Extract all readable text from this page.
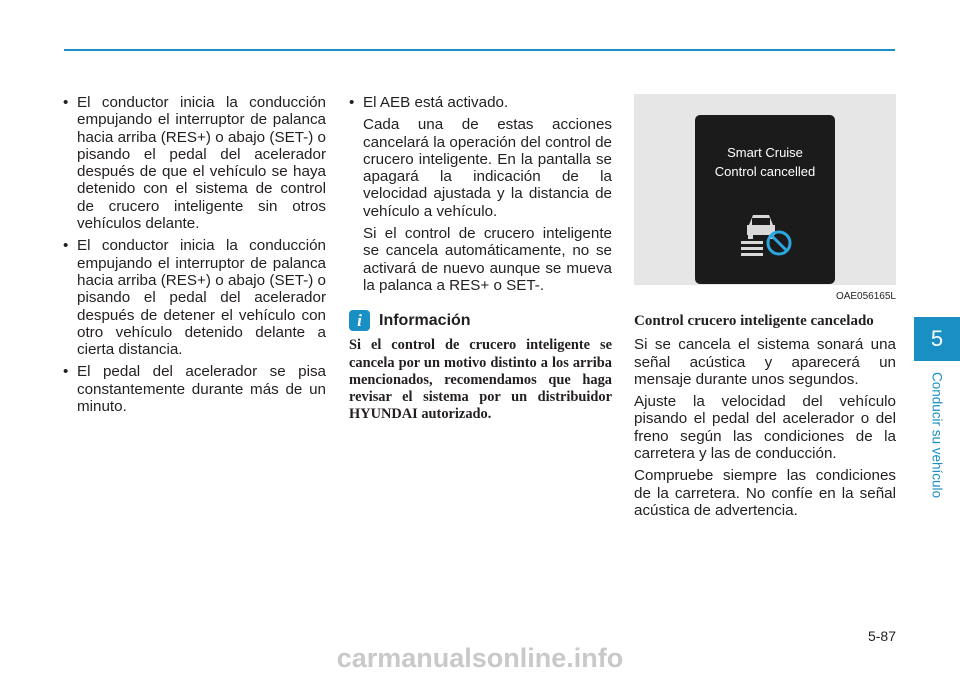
• El conductor inicia la conducción empujando el interruptor de palanca hacia arriba (RES+) o abajo (SET-) o pisando el pedal del acelerador después de que el vehículo se haya detenido con el sistema de control de crucero inteligente sin otros vehículos delante.
• El conductor inicia la conducción empujando el interruptor de palanca hacia arriba (RES+) o abajo (SET-) o pisando el pedal del acelerador después de detener el vehículo con otro vehículo detenido delante a cierta distancia.
• El pedal del acelerador se pisa constantemente durante más de un minuto.
• El AEB está activado.

Cada una de estas acciones cancelará la operación del control de crucero inteligente. En la pantalla se apagará la indicación de la velocidad ajustada y la distancia de vehículo a vehículo.

Si el control de crucero inteligente se cancela automáticamente, no se activará de nuevo aunque se mueva la palanca a RES+ o SET-.

i	Información

Si el control de crucero inteligente se cancela por un motivo distinto a los arriba mencionados, recomendamos que haga revisar el sistema por un distribuidor HYUNDAI autorizado.

Smart Cruise
Control cancelled
OAE056165L
Control crucero inteligente cancelado

Si se cancela el sistema sonará una señal acústica y aparecerá un mensaje durante unos segundos.

Ajuste la velocidad del vehículo pisando el pedal del acelerador o del freno según las condiciones de la carretera y las de conducción.

Compruebe siempre las condiciones de la carretera. No confíe en la señal acústica de advertencia.

5
Conducir su vehículo
5-87
carmanualsonline.info
